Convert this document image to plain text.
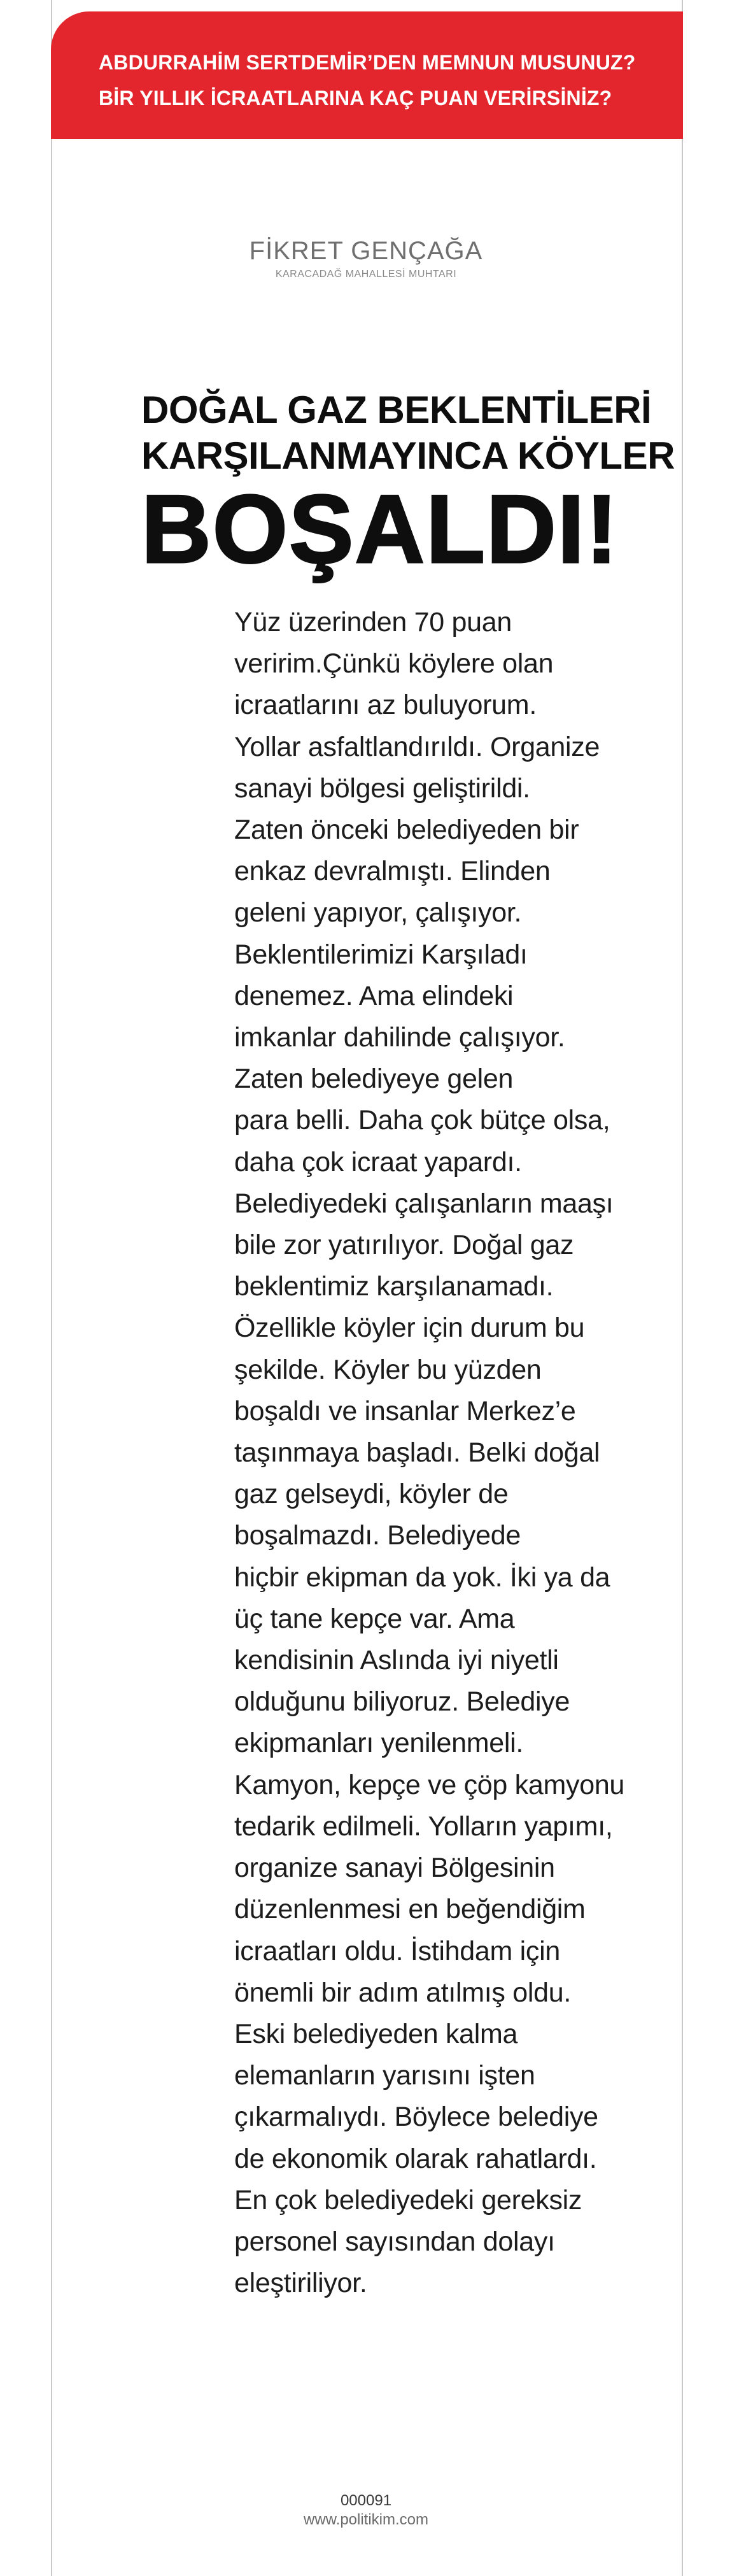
ABDURRAHİM SERTDEMİR’DEN MEMNUN MUSUNUZ?
BİR YILLIK İCRAATLARINA KAÇ PUAN VERİRSİNİZ?
FİKRET GENÇAĞA
KARACADAĞ MAHALLESİ MUHTARI
DOĞAL GAZ BEKLENTİLERİ
KARŞILANMAYINCA KÖYLER
BOŞALDI!
Yüz üzerinden 70 puan
veririm.Çünkü köylere olan
icraatlarını az buluyorum.
Yollar asfaltlandırıldı. Organize
sanayi bölgesi geliştirildi.
Zaten önceki belediyeden bir
enkaz devralmıştı. Elinden
geleni yapıyor, çalışıyor.
Beklentilerimizi Karşıladı
denemez. Ama elindeki
imkanlar dahilinde çalışıyor.
Zaten belediyeye gelen
para belli. Daha çok bütçe olsa,
daha çok icraat yapardı.
Belediyedeki çalışanların maaşı
bile zor yatırılıyor. Doğal gaz
beklentimiz karşılanamadı.
Özellikle köyler için durum bu
şekilde. Köyler bu yüzden
boşaldı ve insanlar Merkez’e
taşınmaya başladı. Belki doğal
gaz gelseydi, köyler de
boşalmazdı. Belediyede
hiçbir ekipman da yok. İki ya da
üç tane kepçe var. Ama
kendisinin Aslında iyi niyetli
olduğunu biliyoruz. Belediye
ekipmanları yenilenmeli.
Kamyon, kepçe ve çöp kamyonu
tedarik edilmeli. Yolların yapımı,
organize sanayi Bölgesinin
düzenlenmesi en beğendiğim
icraatları oldu. İstihdam için
önemli bir adım atılmış oldu.
Eski belediyeden kalma
elemanların yarısını işten
çıkarmalıydı. Böylece belediye
de ekonomik olarak rahatlardı.
En çok belediyedeki gereksiz
personel sayısından dolayı
eleştiriliyor.
000091
www.politikim.com
